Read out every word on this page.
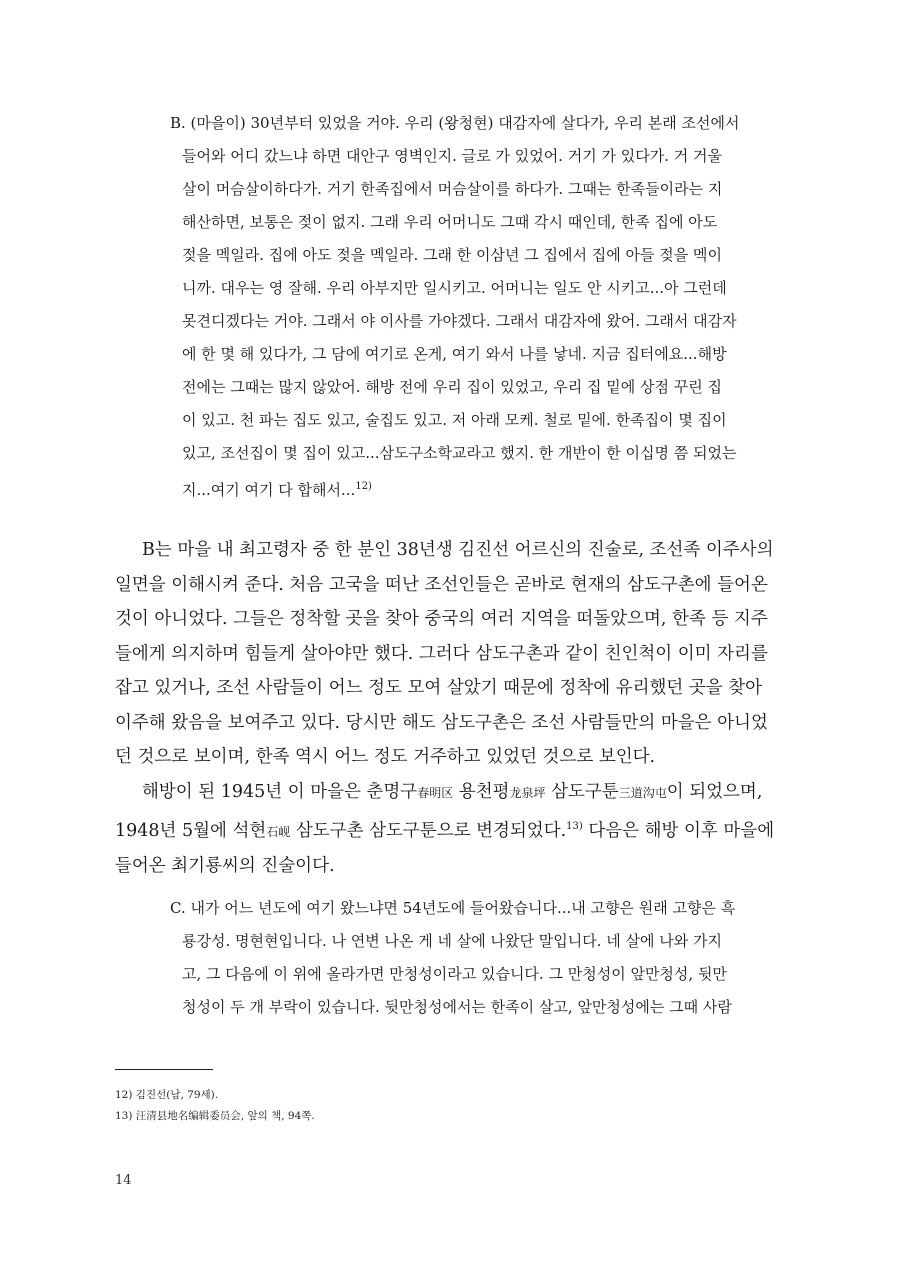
B. (마을이) 30년부터 있었을 거야. 우리 (왕청현) 대감자에 살다가, 우리 본래 조선에서
들어와 어디 갔느냐 하면 대안구 영벽인지. 글로 가 있었어. 거기 가 있다가. 거 거울
살이 머슴살이하다가. 거기 한족집에서 머슴살이를 하다가. 그때는 한족들이라는 지
해산하면, 보통은 젖이 없지. 그래 우리 어머니도 그때 각시 때인데, 한족 집에 아도
젖을 멕일라. 집에 아도 젖을 멕일라. 그래 한 이삼년 그 집에서 집에 아들 젖을 멕이
니까. 대우는 영 잘해. 우리 아부지만 일시키고. 어머니는 일도 안 시키고...아 그런데
못견디겠다는 거야. 그래서 야 이사를 가야겠다. 그래서 대감자에 왔어. 그래서 대감자
에 한 몇 해 있다가, 그 담에 여기로 온게, 여기 와서 나를 낳네. 지금 집터에요...해방
전에는 그때는 많지 않았어. 해방 전에 우리 집이 있었고, 우리 집 밑에 상점 꾸린 집
이 있고. 천 파는 집도 있고, 술집도 있고. 저 아래 모케. 철로 밑에. 한족집이 몇 집이
있고, 조선집이 몇 집이 있고...삼도구소학교라고 했지. 한 개반이 한 이십명 쯤 되었는
지...여기 여기 다 합해서...$^{12)}$
B는 마을 내 최고령자 중 한 분인 38년생 김진선 어르신의 진술로, 조선족 이주사의
일면을 이해시켜 준다. 처음 고국을 떠난 조선인들은 곧바로 현재의 삼도구촌에 들어온
것이 아니었다. 그들은 정착할 곳을 찾아 중국의 여러 지역을 떠돌았으며, 한족 등 지주
들에게 의지하며 힘들게 살아야만 했다. 그러다 삼도구촌과 같이 친인척이 이미 자리를
잡고 있거나, 조선 사람들이 어느 정도 모여 살았기 때문에 정착에 유리했던 곳을 찾아
이주해 왔음을 보여주고 있다. 당시만 해도 삼도구촌은 조선 사람들만의 마을은 아니었
던 것으로 보이며, 한족 역시 어느 정도 거주하고 있었던 것으로 보인다.
해방이 된 1945년 이 마을은 춘명구春明区 용천평龙泉坪 삼도구툰三道沟屯이 되었으며,
1948년 5월에 석현石岘 삼도구촌 삼도구툰으로 변경되었다.$^{13)}$ 다음은 해방 이후 마을에
들어온 최기룡씨의 진술이다.
C. 내가 어느 년도에 여기 왔느냐면 54년도에 들어왔습니다...내 고향은 원래 고향은 흑
룡강성. 명현현입니다. 나 연변 나온 게 네 살에 나왔단 말입니다. 네 살에 나와 가지
고, 그 다음에 이 위에 올라가면 만청성이라고 있습니다. 그 만청성이 앞만청성, 뒷만
청성이 두 개 부락이 있습니다. 뒷만청성에서는 한족이 살고, 앞만청성에는 그때 사람
12) 김진선(남, 79세).
13) 汪清县地名编辑委员会, 앞의 책, 94쪽.
14
